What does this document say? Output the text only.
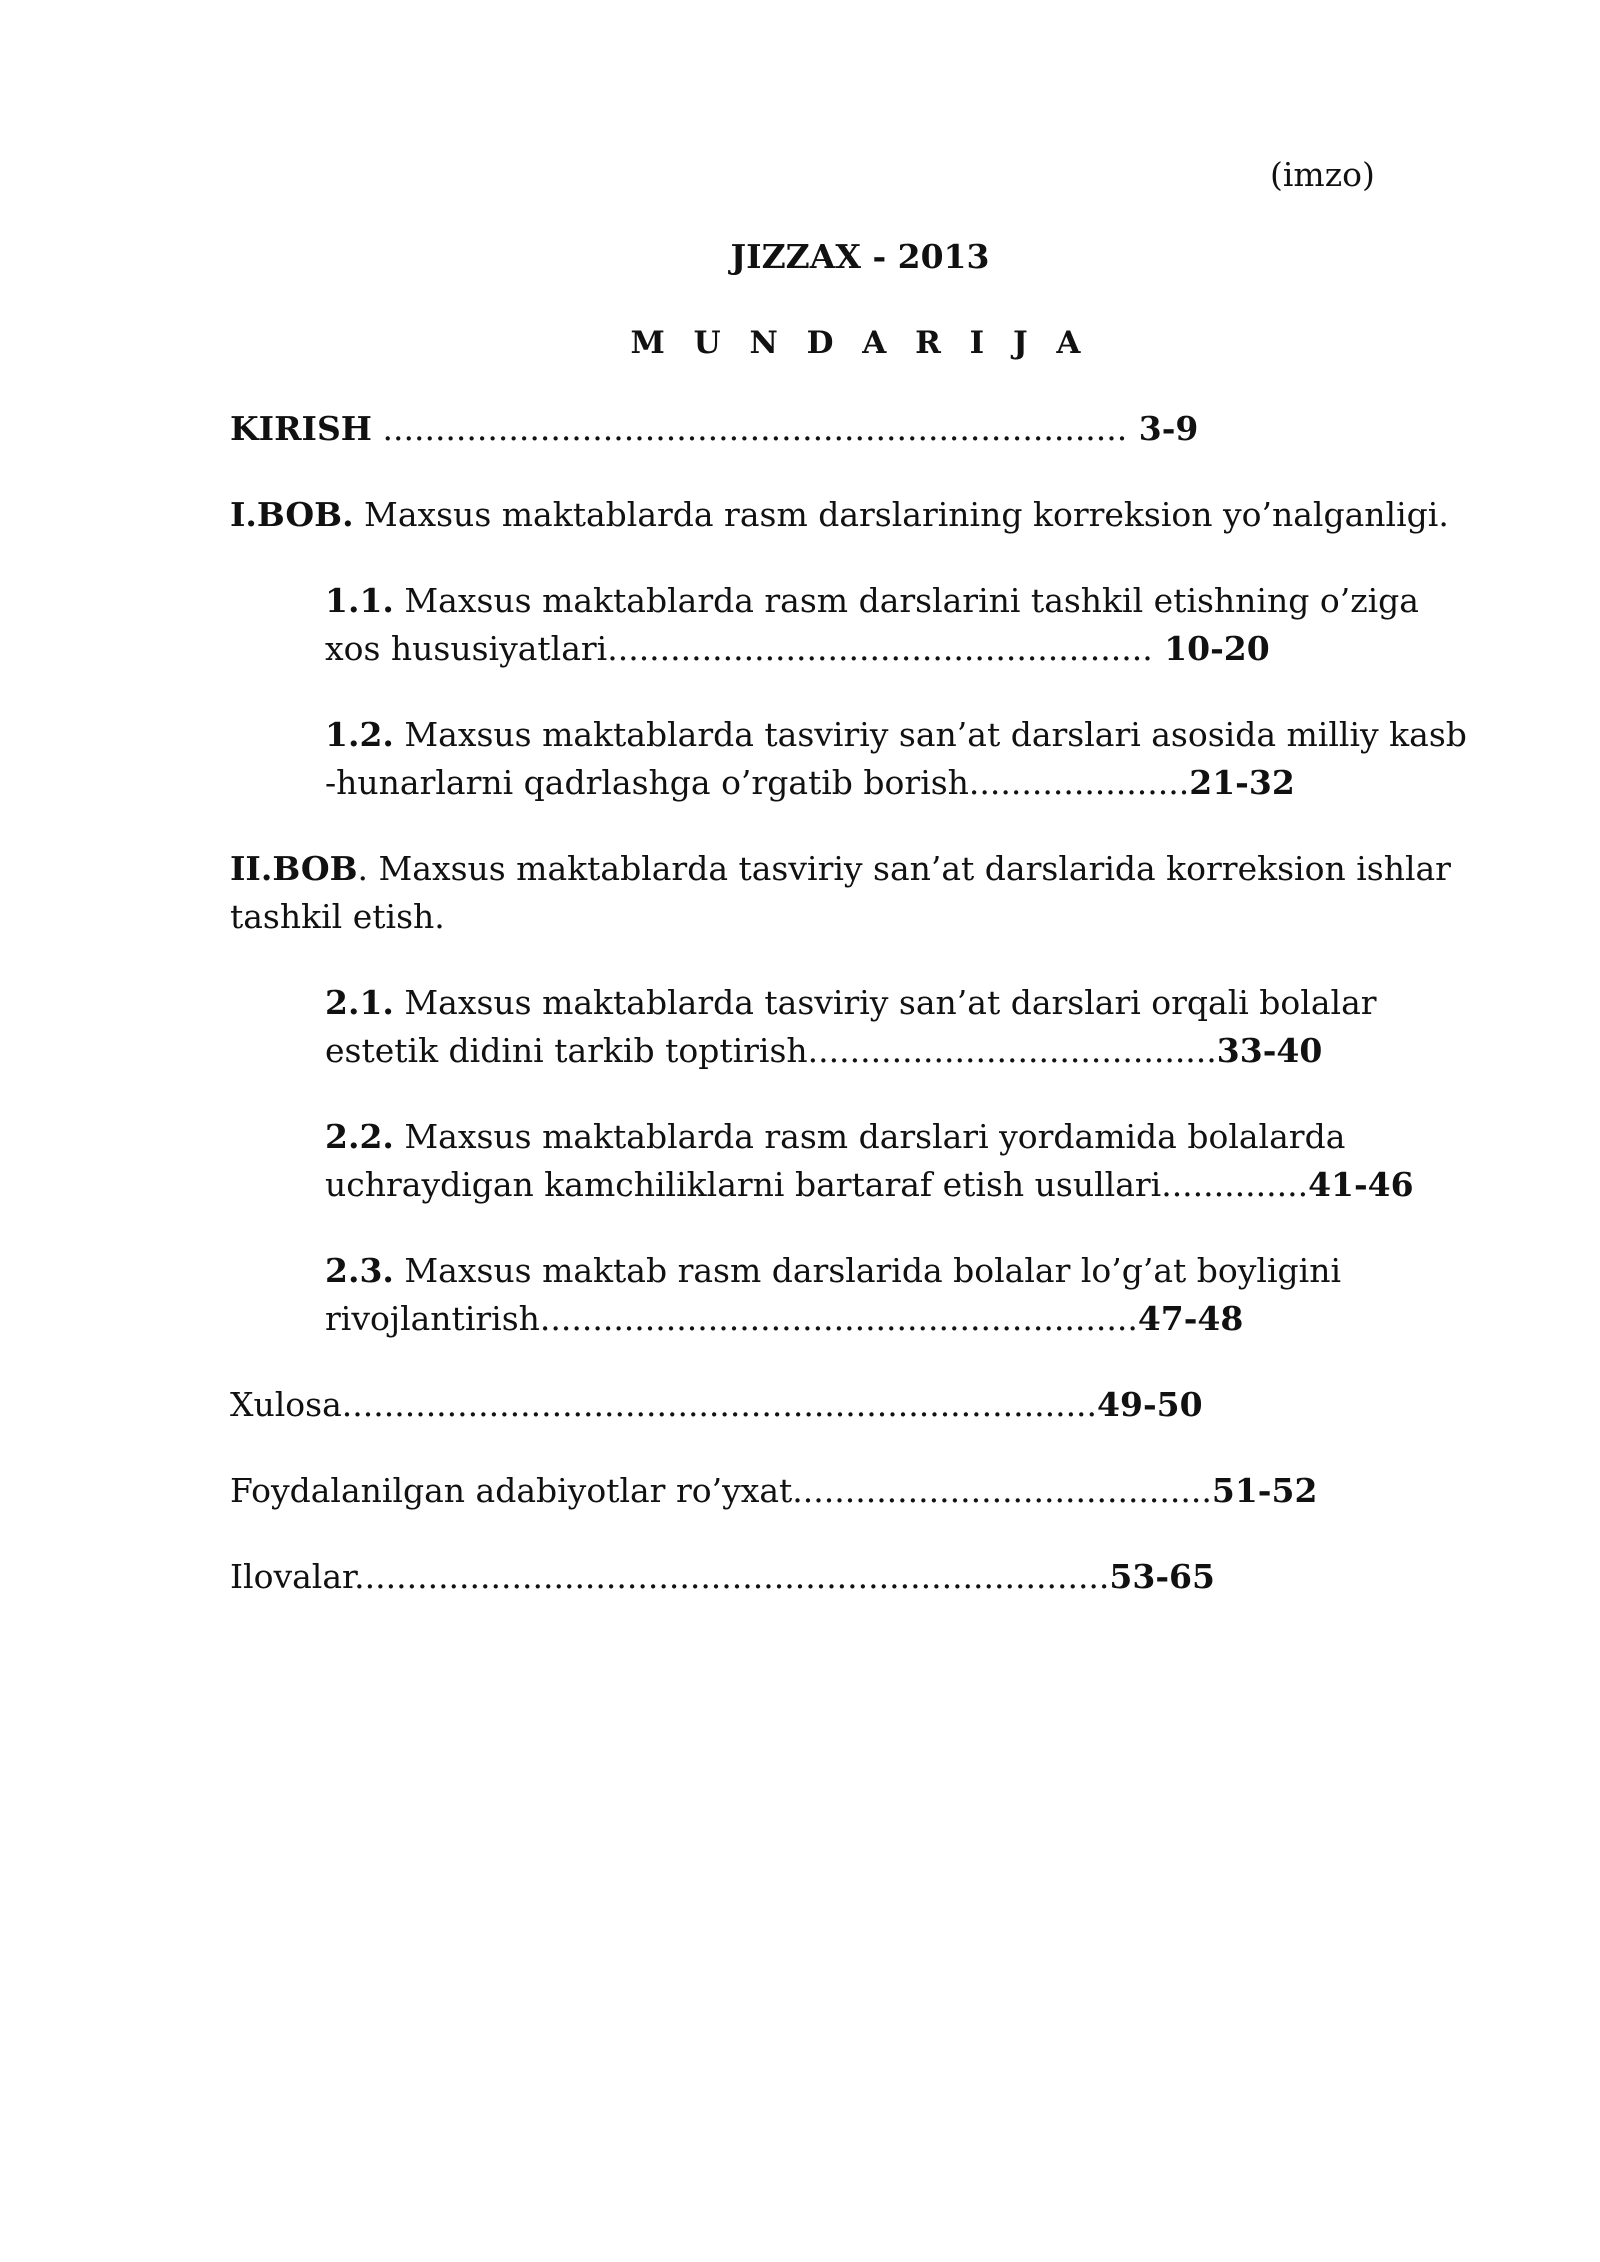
(imzo)
JIZZAX - 2013
M U N D A R I J A
KIRISH ....................................................................... 3-9
I.BOB. Maxsus maktablarda rasm darslarining korreksion yo’nalganligi.
1.1. Maxsus maktablarda rasm darslarini tashkil etishning o’ziga xos hususiyatlari.................................................... 10-20
1.2. Maxsus maktablarda tasviriy san’at darslari asosida milliy kasb -hunarlarni qadrlashga o’rgatib borish.....................21-32
II.BOB. Maxsus maktablarda tasviriy san’at darslarida korreksion ishlar tashkil etish.
2.1. Maxsus maktablarda tasviriy san’at darslari orqali bolalar estetik didini tarkib toptirish.......................................33-40
2.2. Maxsus maktablarda rasm darslari yordamida bolalarda uchraydigan kamchiliklarni bartaraf etish usullari..............41-46
2.3. Maxsus maktab rasm darslarida bolalar lo’g’at boyligini rivojlantirish.........................................................47-48
Xulosa........................................................................49-50
Foydalanilgan adabiyotlar ro’yxat........................................51-52
Ilovalar........................................................................53-65
